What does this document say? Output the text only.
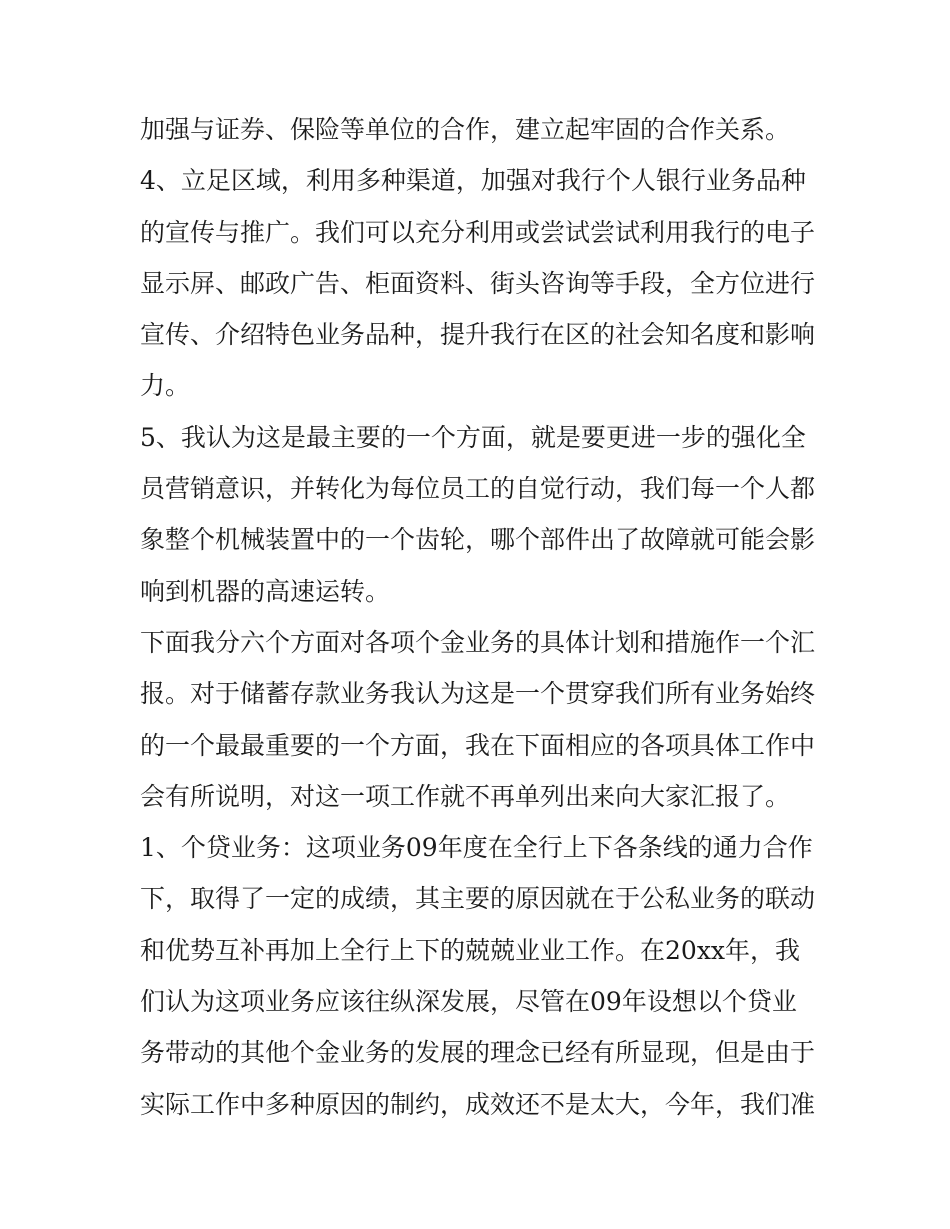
加强与证券、保险等单位的合作，建立起牢固的合作关系。
4、立足区域，利用多种渠道，加强对我行个人银行业务品种
的宣传与推广。我们可以充分利用或尝试尝试利用我行的电子
显示屏、邮政广告、柜面资料、街头咨询等手段，全方位进行
宣传、介绍特色业务品种，提升我行在区的社会知名度和影响
力。
5、我认为这是最主要的一个方面，就是要更进一步的强化全
员营销意识，并转化为每位员工的自觉行动，我们每一个人都
象整个机械装置中的一个齿轮，哪个部件出了故障就可能会影
响到机器的高速运转。
下面我分六个方面对各项个金业务的具体计划和措施作一个汇
报。对于储蓄存款业务我认为这是一个贯穿我们所有业务始终
的一个最最重要的一个方面，我在下面相应的各项具体工作中
会有所说明，对这一项工作就不再单列出来向大家汇报了。
1、个贷业务：这项业务09年度在全行上下各条线的通力合作
下，取得了一定的成绩，其主要的原因就在于公私业务的联动
和优势互补再加上全行上下的兢兢业业工作。在20xx年，我
们认为这项业务应该往纵深发展，尽管在09年设想以个贷业
务带动的其他个金业务的发展的理念已经有所显现，但是由于
实际工作中多种原因的制约，成效还不是太大，今年，我们准
